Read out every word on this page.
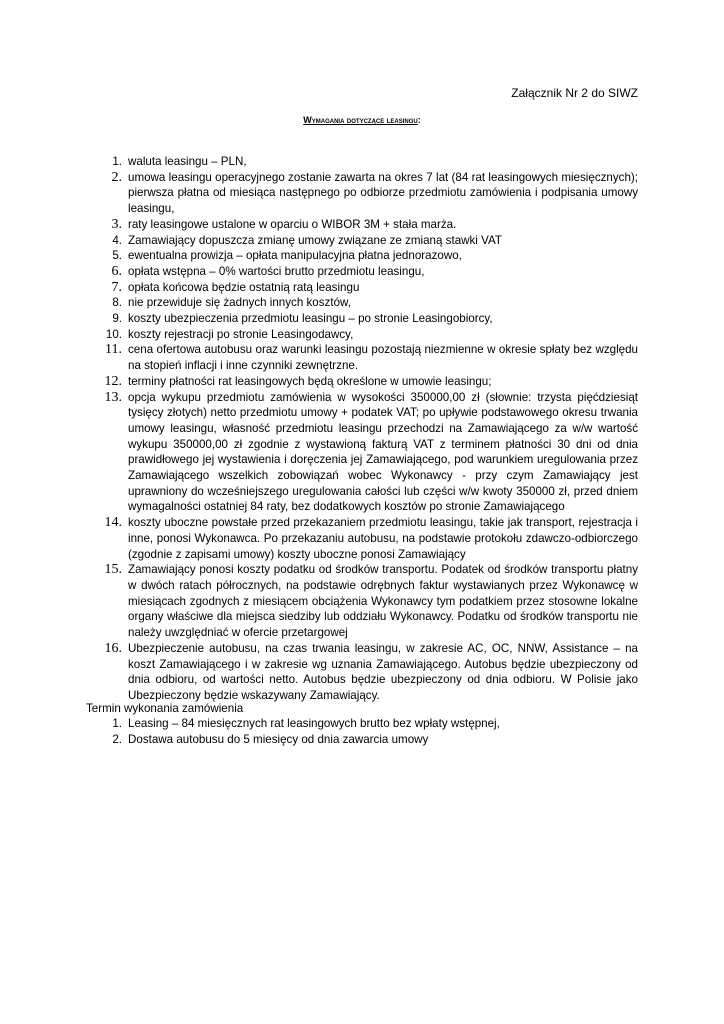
Załącznik Nr 2 do SIWZ
Wymagania dotyczące leasingu:
1. waluta leasingu – PLN,
2. umowa leasingu operacyjnego zostanie zawarta na okres 7 lat (84 rat leasingowych miesięcznych); pierwsza płatna od miesiąca następnego po odbiorze przedmiotu zamówienia i podpisania umowy leasingu,
3. raty leasingowe ustalone w oparciu o WIBOR 3M + stała marża.
4. Zamawiający dopuszcza zmianę umowy związane ze zmianą stawki VAT
5. ewentualna prowizja – opłata manipulacyjna płatna jednorazowo,
6. opłata wstępna – 0% wartości brutto przedmiotu leasingu,
7. opłata końcowa będzie ostatnią ratą leasingu
8. nie przewiduje się żadnych innych kosztów,
9. koszty ubezpieczenia przedmiotu leasingu – po stronie Leasingobiorcy,
10. koszty rejestracji po stronie Leasingodawcy,
11. cena ofertowa autobusu oraz warunki leasingu pozostają niezmienne w okresie spłaty bez względu na stopień inflacji i inne czynniki zewnętrzne.
12. terminy płatności rat leasingowych będą określone w umowie leasingu;
13. opcja wykupu przedmiotu zamówienia w wysokości 350000,00 zł (słownie: trzysta pięćdziesiąt tysięcy złotych) netto przedmiotu umowy + podatek VAT; po upływie podstawowego okresu trwania umowy leasingu, własność przedmiotu leasingu przechodzi na Zamawiającego za w/w wartość wykupu 350000,00 zł zgodnie z wystawioną fakturą VAT z terminem płatności 30 dni od dnia prawidłowego jej wystawienia i doręczenia jej Zamawiającego, pod warunkiem uregulowania przez Zamawiającego wszelkich zobowiązań wobec Wykonawcy - przy czym Zamawiający jest uprawniony do wcześniejszego uregulowania całości lub części w/w kwoty 350000 zł, przed dniem wymagalności ostatniej 84 raty, bez dodatkowych kosztów po stronie Zamawiającego
14. koszty uboczne powstałe przed przekazaniem przedmiotu leasingu, takie jak transport, rejestracja i inne, ponosi Wykonawca. Po przekazaniu autobusu, na podstawie protokołu zdawczo-odbiorczego (zgodnie z zapisami umowy) koszty uboczne ponosi Zamawiający
15. Zamawiający ponosi koszty podatku od środków transportu. Podatek od środków transportu płatny w dwóch ratach półrocznych, na podstawie odrębnych faktur wystawianych przez Wykonawcę w miesiącach zgodnych z miesiącem obciążenia Wykonawcy tym podatkiem przez stosowne lokalne organy właściwe dla miejsca siedziby lub oddziału Wykonawcy. Podatku od środków transportu nie należy uwzględniać w ofercie przetargowej
16. Ubezpieczenie autobusu, na czas trwania leasingu, w zakresie AC, OC, NNW, Assistance – na koszt Zamawiającego i w zakresie wg uznania Zamawiającego. Autobus będzie ubezpieczony od dnia odbioru, od wartości netto. Autobus będzie ubezpieczony od dnia odbioru. W Polisie jako Ubezpieczony będzie wskazywany Zamawiający.
Termin wykonania zamówienia
1. Leasing – 84 miesięcznych rat leasingowych brutto bez wpłaty wstępnej,
2. Dostawa autobusu do 5 miesięcy od dnia zawarcia umowy
